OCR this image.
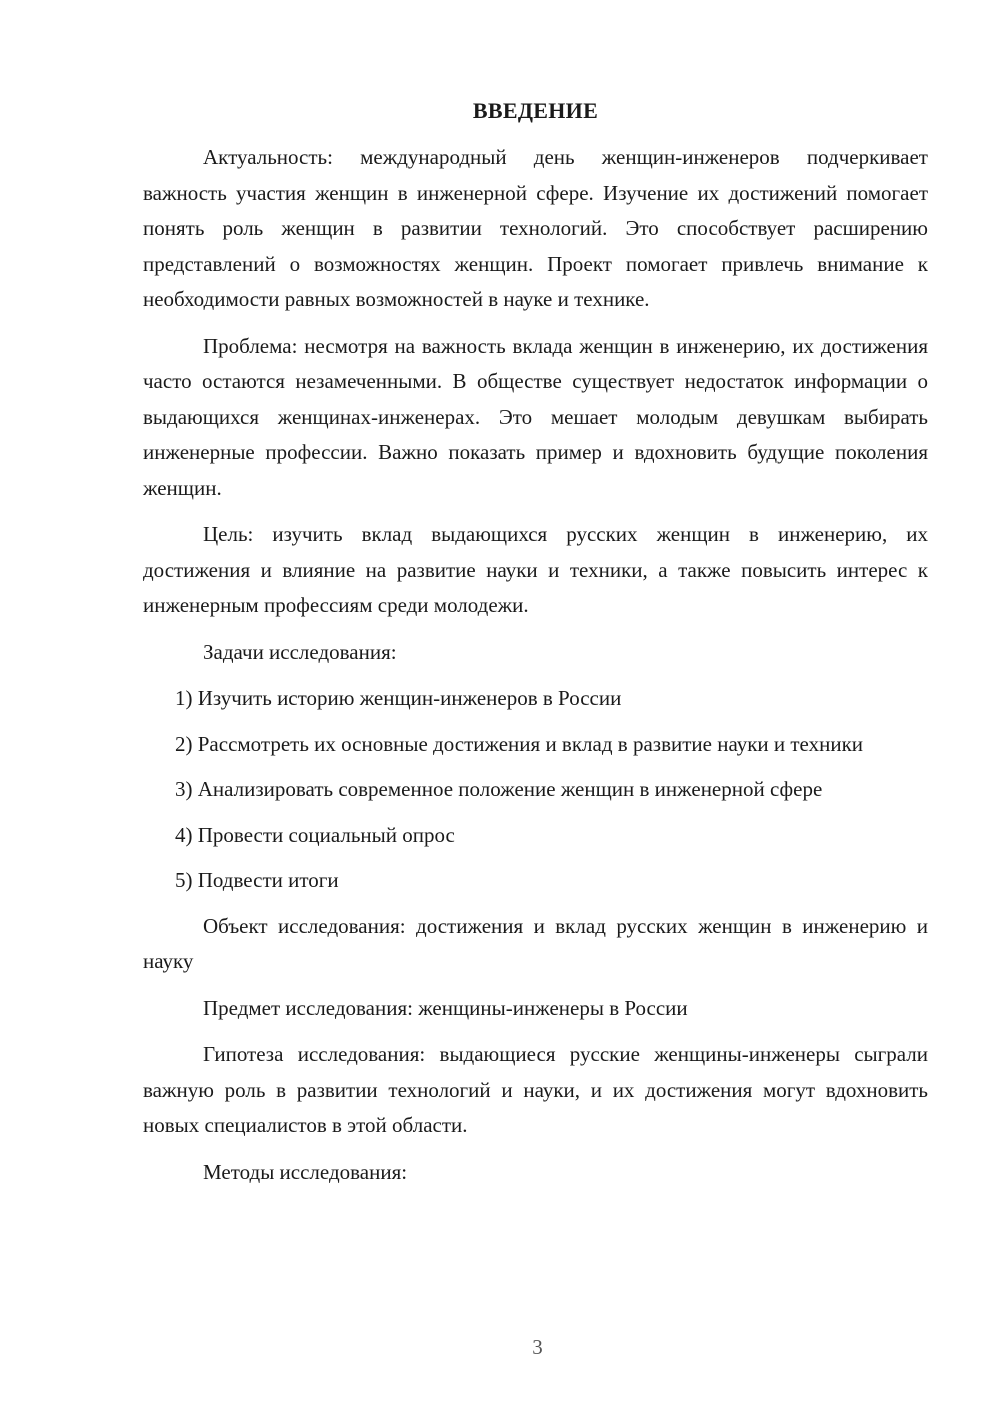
ВВЕДЕНИЕ

Актуальность: международный день женщин-инженеров подчеркивает важность участия женщин в инженерной сфере. Изучение их достижений помогает понять роль женщин в развитии технологий. Это способствует расширению представлений о возможностях женщин. Проект помогает привлечь внимание к необходимости равных возможностей в науке и технике.

Проблема: несмотря на важность вклада женщин в инженерию, их достижения часто остаются незамеченными. В обществе существует недостаток информации о выдающихся женщинах-инженерах. Это мешает молодым девушкам выбирать инженерные профессии. Важно показать пример и вдохновить будущие поколения женщин.

Цель: изучить вклад выдающихся русских женщин в инженерию, их достижения и влияние на развитие науки и техники, а также повысить интерес к инженерным профессиям среди молодежи.

Задачи исследования:

1) Изучить историю женщин-инженеров в России

2) Рассмотреть их основные достижения и вклад в развитие науки и техники

3) Анализировать современное положение женщин в инженерной сфере

4) Провести социальный опрос

5) Подвести итоги

Объект исследования: достижения и вклад русских женщин в инженерию и науку

Предмет исследования: женщины-инженеры в России

Гипотеза исследования: выдающиеся русские женщины-инженеры сыграли важную роль в развитии технологий и науки, и их достижения могут вдохновить новых специалистов в этой области.

Методы исследования:

3
